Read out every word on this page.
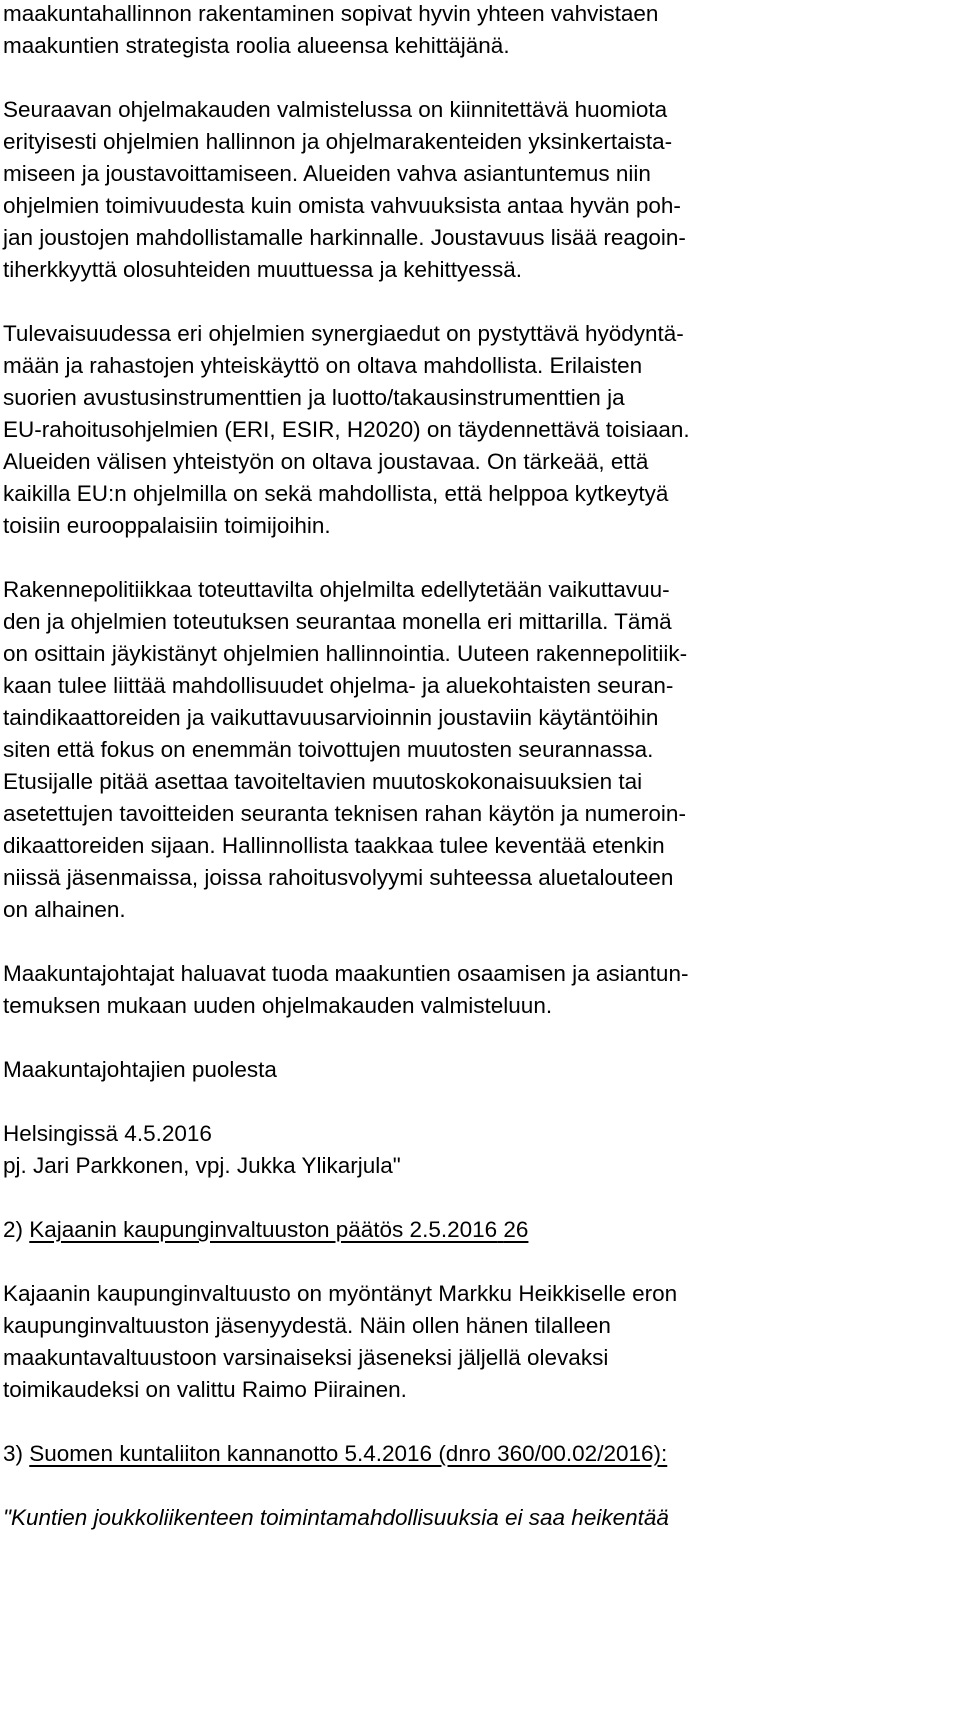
maakuntahallinnon rakentaminen sopivat hyvin yhteen vahvistaen
maakuntien strategista roolia alueensa kehittäjänä.
Seuraavan ohjelmakauden valmistelussa on kiinnitettävä huomiota
erityisesti ohjelmien hallinnon ja ohjelmarakenteiden yksinkertaista-
miseen ja joustavoittamiseen. Alueiden vahva asiantuntemus niin
ohjelmien toimivuudesta kuin omista vahvuuksista antaa hyvän poh-
jan joustojen mahdollistamalle harkinnalle. Joustavuus lisää reagoin-
tiherkkyyttä olosuhteiden muuttuessa ja kehittyessä.
Tulevaisuudessa eri ohjelmien synergiaedut on pystyttävä hyödyntä-
mään ja rahastojen yhteiskäyttö on oltava mahdollista. Erilaisten
suorien avustusinstrumenttien ja luotto/takausinstrumenttien ja
EU-rahoitusohjelmien (ERI, ESIR, H2020) on täydennettävä toisiaan.
Alueiden välisen yhteistyön on oltava joustavaa. On tärkeää, että
kaikilla EU:n ohjelmilla on sekä mahdollista, että helppoa kytkeytyä
toisiin eurooppalaisiin toimijoihin.
Rakennepolitiikkaa toteuttavilta ohjelmilta edellytetään vaikuttavuu-
den ja ohjelmien toteutuksen seurantaa monella eri mittarilla. Tämä
on osittain jäykistänyt ohjelmien hallinnointia. Uuteen rakennepolitiik-
kaan tulee liittää mahdollisuudet ohjelma- ja aluekohtaisten seuran-
taindikaattoreiden ja vaikuttavuusarvioinnin joustaviin käytäntöihin
siten että fokus on enemmän toivottujen muutosten seurannassa.
Etusijalle pitää asettaa tavoiteltavien muutoskokonaisuuksien tai
asetettujen tavoitteiden seuranta teknisen rahan käytön ja numeroin-
dikaattoreiden sijaan. Hallinnollista taakkaa tulee keventää etenkin
niissä jäsenmaissa, joissa rahoitusvolyymi suhteessa aluetalouteen
on alhainen.
Maakuntajohtajat haluavat tuoda maakuntien osaamisen ja asiantun-
temuksen mukaan uuden ohjelmakauden valmisteluun.
Maakuntajohtajien puolesta
Helsingissä 4.5.2016
pj. Jari Parkkonen, vpj. Jukka Ylikarjula"
2) Kajaanin kaupunginvaltuuston päätös 2.5.2016 26
Kajaanin kaupunginvaltuusto on myöntänyt Markku Heikkiselle eron
kaupunginvaltuuston jäsenyydestä. Näin ollen hänen tilalleen
maakuntavaltuustoon varsinaiseksi jäseneksi jäljellä olevaksi
toimikaudeksi on valittu Raimo Piirainen.
3) Suomen kuntaliiton kannanotto 5.4.2016 (dnro 360/00.02/2016):
"Kuntien joukkoliikenteen toimintamahdollisuuksia ei saa heikentää
